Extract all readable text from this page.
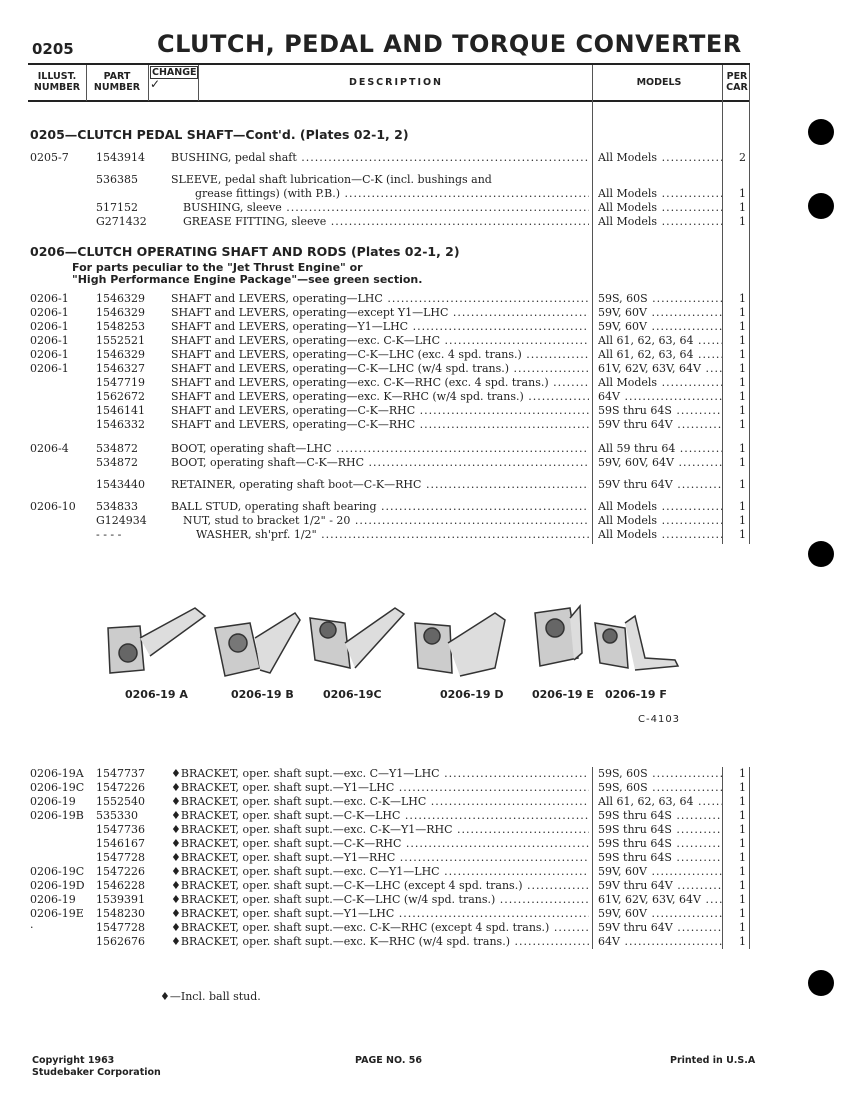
0205	CLUTCH, PEDAL AND TORQUE CONVERTER
ILLUST.
NUMBER
PART
NUMBER
CHANGE
✓	DESCRIPTION	MODELS
PER
CAR
0205—CLUTCH PEDAL SHAFT—Cont'd. (Plates 02-1, 2)
0205-7 1543914 BUSHING, pedal shaft .....	All Models .....	2
536385	SLEEVE, pedal shaft lubrication—C-K (incl. bushings and
grease fittings) (with P.B.) .....	All Models .....	1
517152	BUSHING, sleeve .....	All Models .....	1
G271432	GREASE FITTING, sleeve .....	All Models .....	1
0206-1 1546329 SHAFT and LEVERS, operating—LHC .....	59S, 60S .....	1
0206-1 1546329 SHAFT and LEVERS, operating—except Y1—LHC .....	59V, 60V .....	1
0206-1 1548253 SHAFT and LEVERS, operating—Y1—LHC .....	59V, 60V .....	1
0206-1 1552521 SHAFT and LEVERS, operating—exc. C-K—LHC .....	All 61, 62, 63, 64 .....	1
0206-1 1546329 SHAFT and LEVERS, operating—C-K—LHC (exc. 4 spd. trans.) .....	All 61, 62, 63, 64 .....	1
0206-1 1546327 SHAFT and LEVERS, operating—C-K—LHC (w/4 spd. trans.) .....	61V, 62V, 63V, 64V .....	1
1547719 SHAFT and LEVERS, operating—exc. C-K—RHC (exc. 4 spd. trans.) .....	All Models .....	1
1562672 SHAFT and LEVERS, operating—exc. K—RHC (w/4 spd. trans.) .....	64V .....	1
1546141 SHAFT and LEVERS, operating—C-K—RHC .....	59S thru 64S .....	1
1546332 SHAFT and LEVERS, operating—C-K—RHC .....	59V thru 64V .....	1
0206-4 534872	BOOT, operating shaft—LHC .....	All 59 thru 64 .....	1
534872	BOOT, operating shaft—C-K—RHC .....	59V, 60V, 64V .....	1
1543440 RETAINER, operating shaft boot—C-K—RHC .....	59V thru 64V .....	1
0206-10 534833	BALL STUD, operating shaft bearing .....	All Models .....	1
G124934	NUT, stud to bracket 1/2" - 20 .....	All Models .....	1
- - - -	WASHER, sh'prf. 1/2" .....	All Models .....	1
0206—CLUTCH OPERATING SHAFT AND RODS (Plates 02-1, 2)
For parts peculiar to the "Jet Thrust Engine" or
"High Performance Engine Package"—see green section.
0206-19 A	0206-19 B	0206-19C	0206-19 D	0206-19 E 0206-19 F
C-4103
0206-19A 1547737 ♦BRACKET, oper. shaft supt.—exc. C—Y1—LHC .....	59S, 60S .....	1
0206-19C 1547226 ♦BRACKET, oper. shaft supt.—Y1—LHC .....	59S, 60S .....	1
0206-19 1552540 ♦BRACKET, oper. shaft supt.—exc. C-K—LHC .....	All 61, 62, 63, 64 .....	1
0206-19B 535330	♦BRACKET, oper. shaft supt.—C-K—LHC .....	59S thru 64S .....	1
1547736 ♦BRACKET, oper. shaft supt.—exc. C-K—Y1—RHC .....	59S thru 64S .....	1
1546167 ♦BRACKET, oper. shaft supt.—C-K—RHC .....	59S thru 64S .....	1
1547728 ♦BRACKET, oper. shaft supt.—Y1—RHC .....	59S thru 64S .....	1
0206-19C 1547226 ♦BRACKET, oper. shaft supt.—exc. C—Y1—LHC .....	59V, 60V .....	1
0206-19D 1546228 ♦BRACKET, oper. shaft supt.—C-K—LHC (except 4 spd. trans.) .....	59V thru 64V .....	1
0206-19 1539391 ♦BRACKET, oper. shaft supt.—C-K—LHC (w/4 spd. trans.) .....	61V, 62V, 63V, 64V .....	1
0206-19E 1548230 ♦BRACKET, oper. shaft supt.—Y1—LHC .....	59V, 60V .....	1
·	1547728 ♦BRACKET, oper. shaft supt.—exc. C-K—RHC (except 4 spd. trans.) .....	59V thru 64V .....	1
1562676 ♦BRACKET, oper. shaft supt.—exc. K—RHC (w/4 spd. trans.) .....	64V .....	1
♦—Incl. ball stud.
Copyright 1963
Studebaker Corporation
PAGE NO. 56	Printed in U.S.A
